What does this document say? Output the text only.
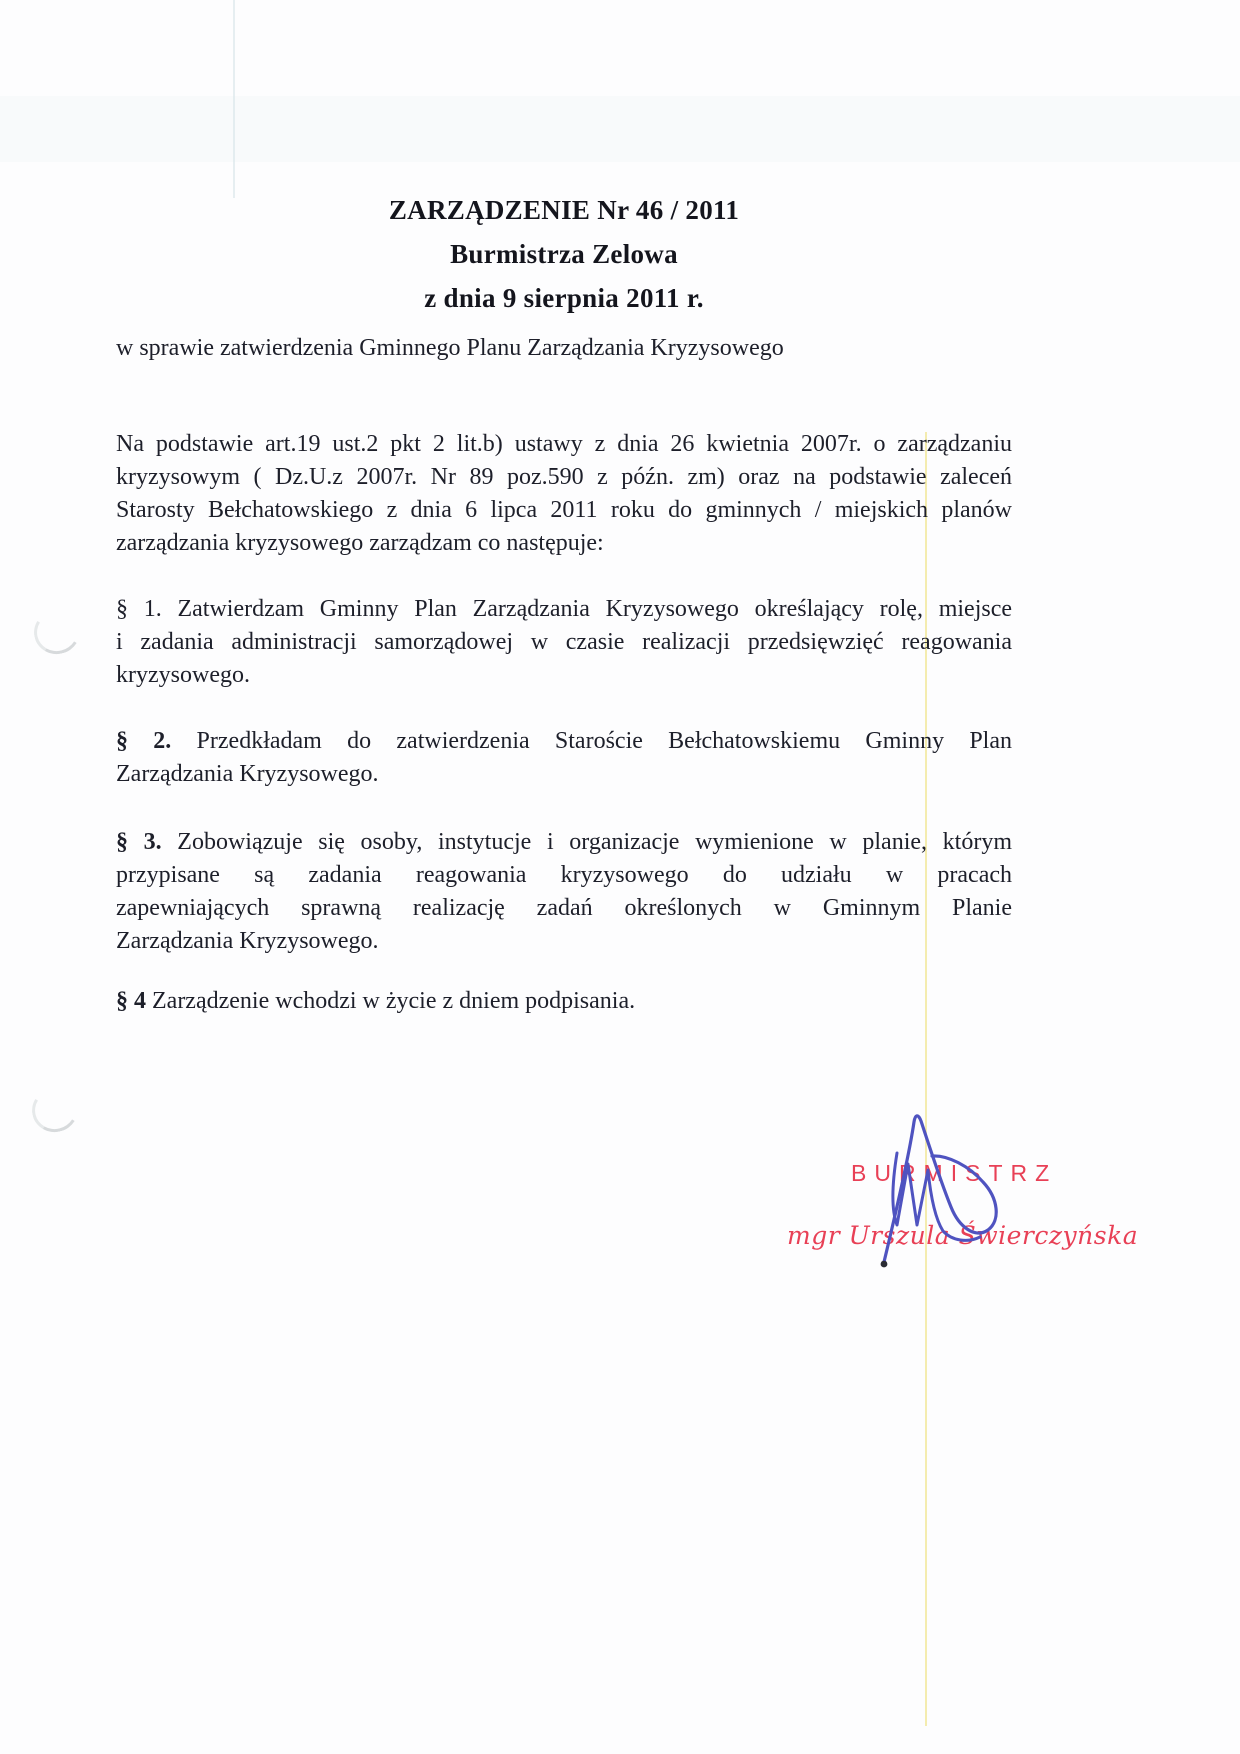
ZARZĄDZENIE Nr 46 / 2011
Burmistrza Zelowa
z dnia 9 sierpnia 2011 r.
w sprawie zatwierdzenia Gminnego Planu Zarządzania Kryzysowego
Na podstawie art.19 ust.2 pkt 2 lit.b) ustawy z dnia 26 kwietnia 2007r. o zarządzaniu
kryzysowym ( Dz.U.z 2007r. Nr 89 poz.590 z późn. zm) oraz na podstawie zaleceń
Starosty Bełchatowskiego z dnia 6 lipca 2011 roku do gminnych / miejskich planów
zarządzania kryzysowego zarządzam co następuje:
§ 1. Zatwierdzam Gminny Plan Zarządzania Kryzysowego określający rolę, miejsce
i zadania administracji samorządowej w czasie realizacji przedsięwzięć reagowania
kryzysowego.
§ 2. Przedkładam do zatwierdzenia Staroście Bełchatowskiemu Gminny Plan
Zarządzania Kryzysowego.
§ 3. Zobowiązuje się osoby, instytucje i organizacje wymienione w planie, którym
przypisane są zadania reagowania kryzysowego do udziału w pracach
zapewniających sprawną realizację zadań określonych w Gminnym Planie
Zarządzania Kryzysowego.
§ 4 Zarządzenie wchodzi w życie z dniem podpisania.
BURMISTRZ
mgr Urszula Świerczyńska
